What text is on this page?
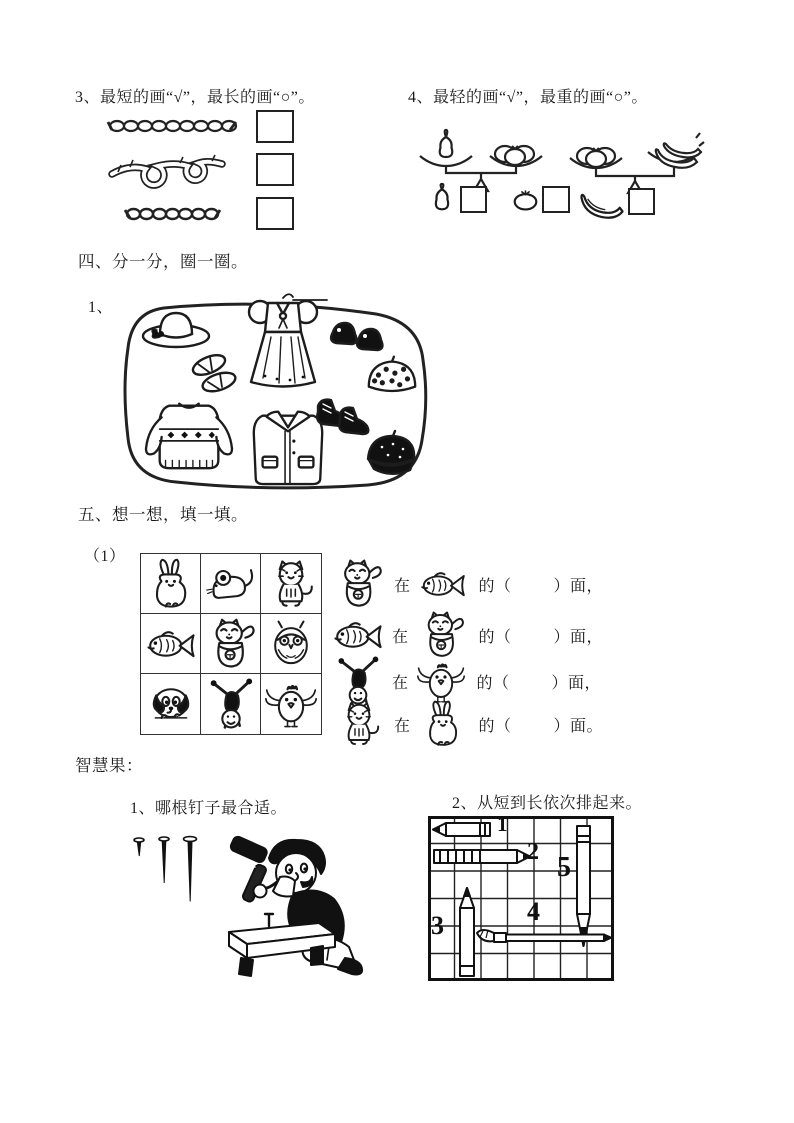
3、最短的画“√”，最长的画“○”。	4、最轻的画“√”，最重的画“○”。
四、分一分，圈一圈。
1、
五、想一想，填一填。
（1）
在	的（	）面，
在	的（	）面，
在	的（	）面，
在	的（	）面。
智慧果：
1、哪根钉子最合适。	2、从短到长依次排起来。
1
2
3	4
5
